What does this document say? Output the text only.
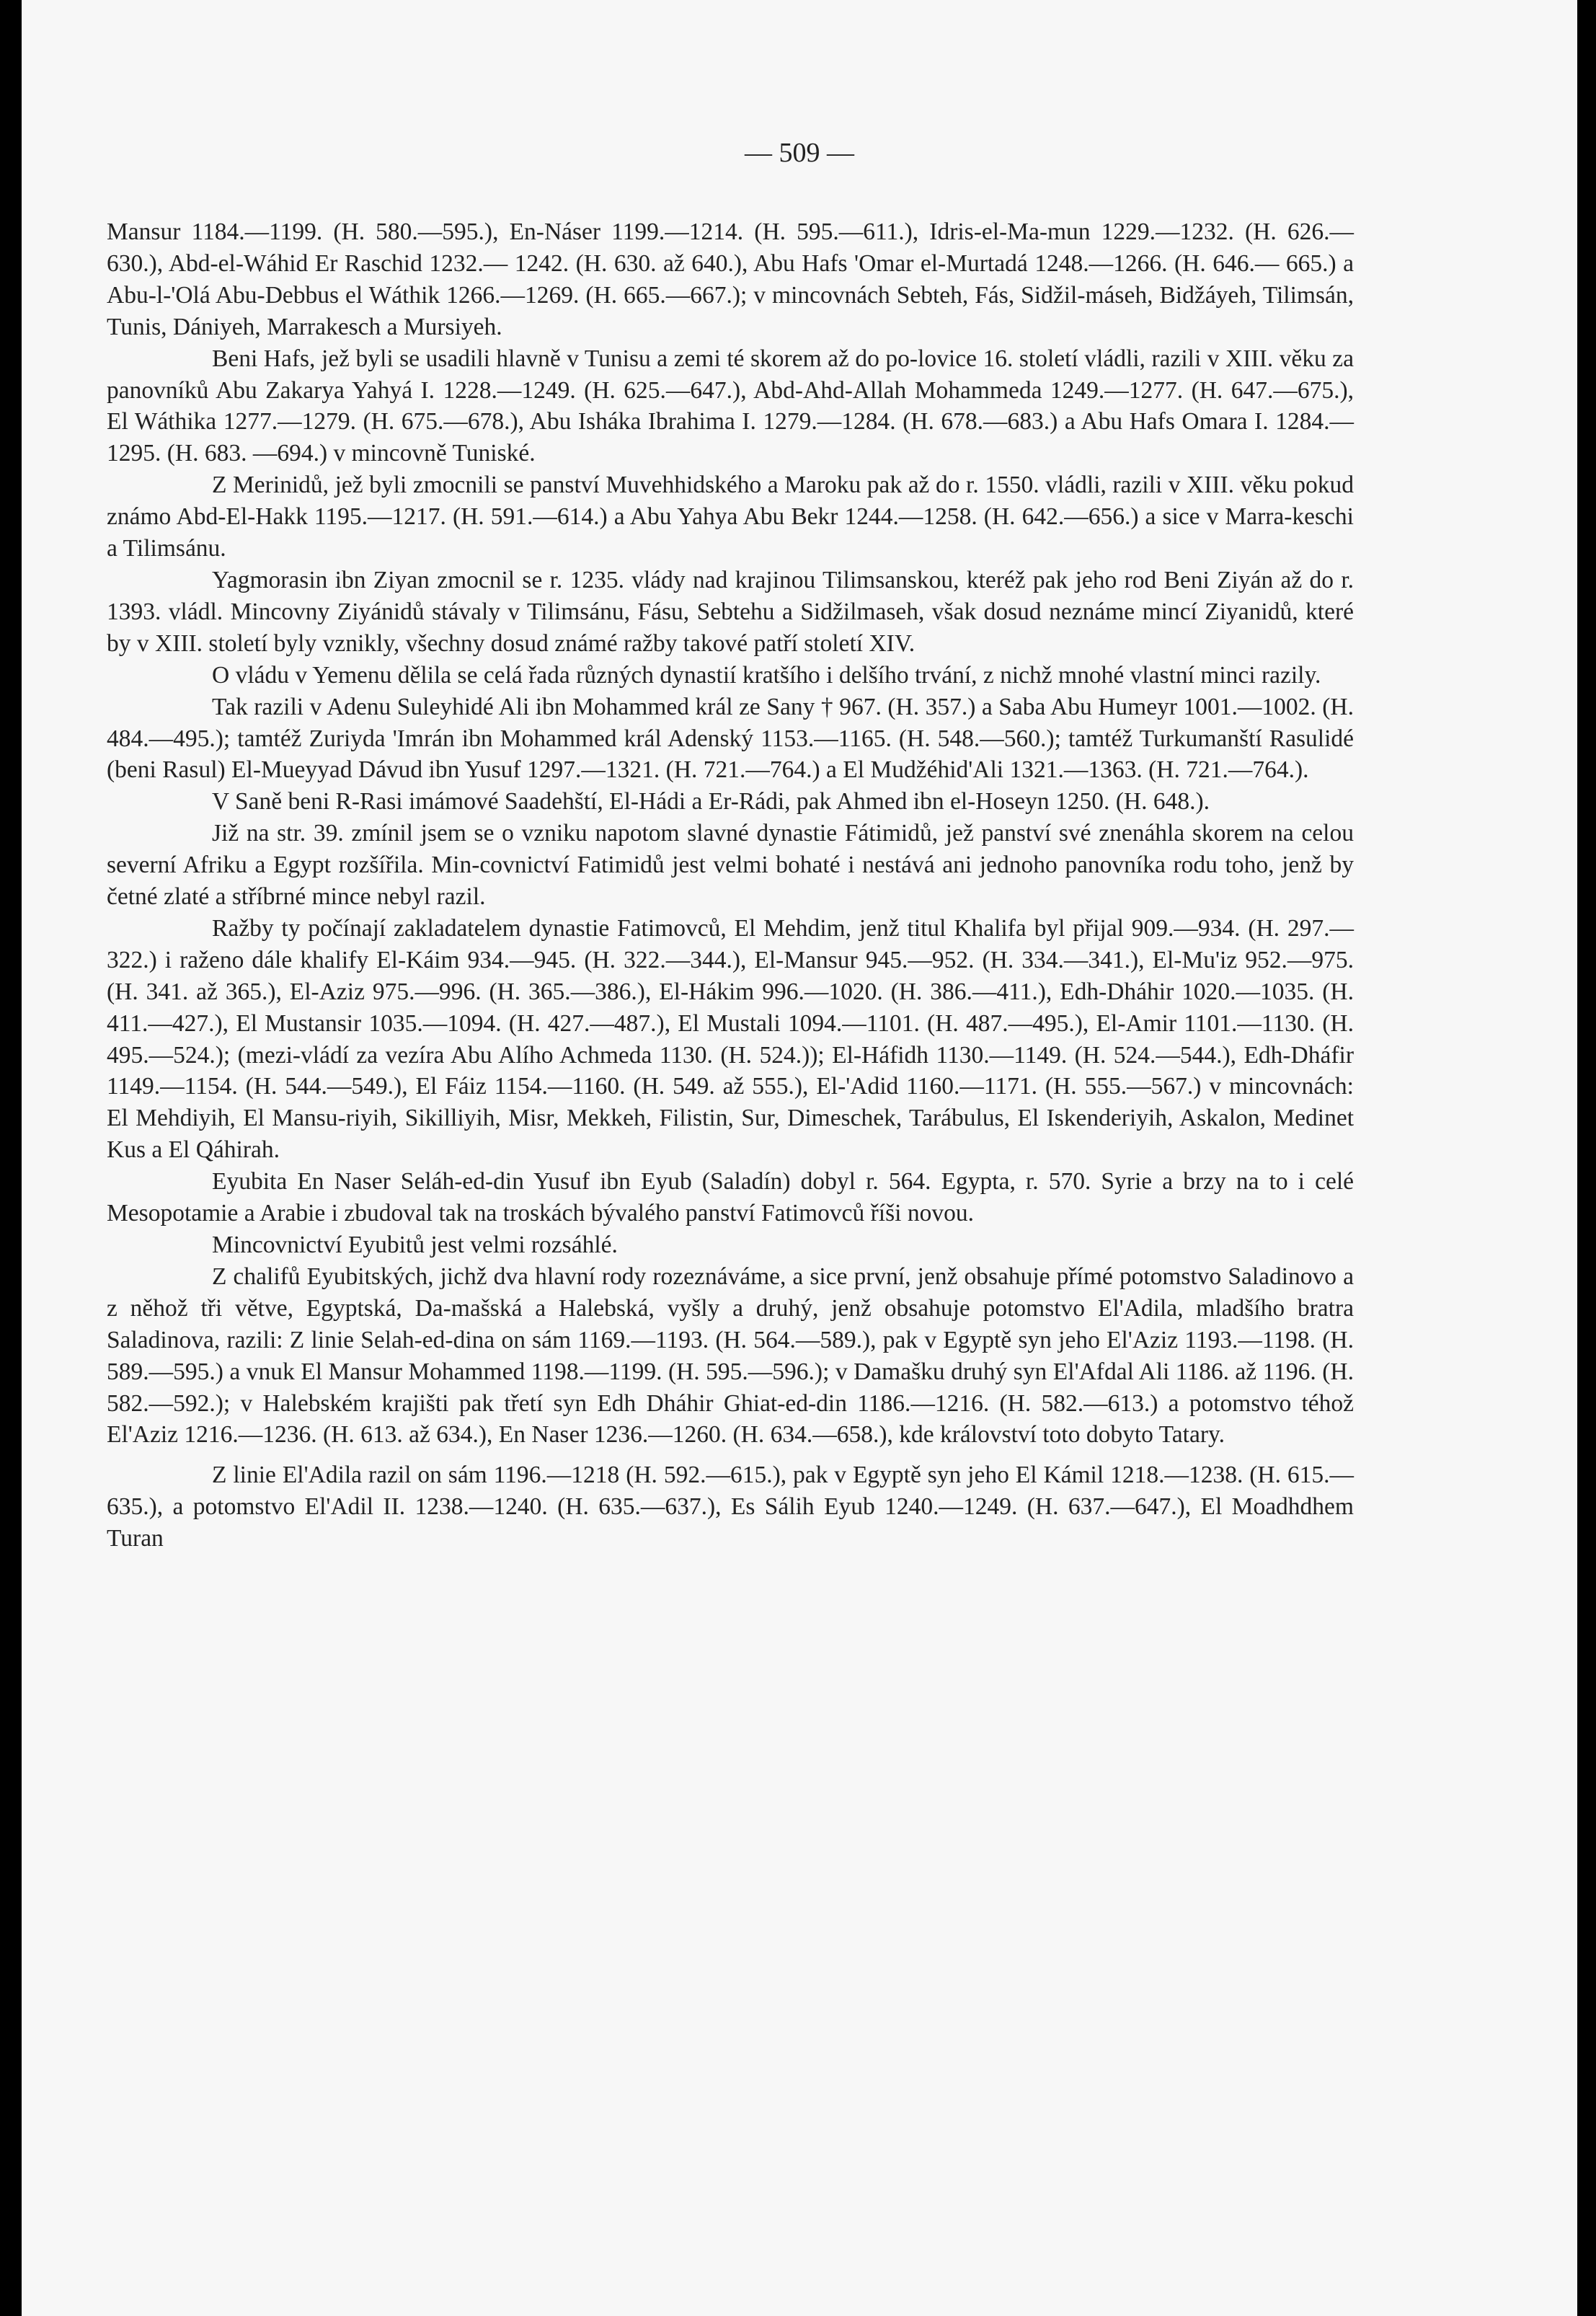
— 509 —

Mansur 1184.—1199. (H. 580.—595.), En-Náser 1199.—1214. (H. 595.—611.), Idris-el-Ma-mun 1229.—1232. (H. 626.—630.), Abd-el-Wáhid Er Raschid 1232.— 1242. (H. 630. až 640.), Abu Hafs 'Omar el-Murtadá 1248.—1266. (H. 646.— 665.) a Abu-l-'Olá Abu-Debbus el Wáthik 1266.—1269. (H. 665.—667.); v mincovnách Sebteh, Fás, Sidžil-máseh, Bidžáyeh, Tilimsán, Tunis, Dániyeh, Marrakesch a Mursiyeh.

Beni Hafs, jež byli se usadili hlavně v Tunisu a zemi té skorem až do po-lovice 16. století vládli, razili v XIII. věku za panovníků Abu Zakarya Yahyá I. 1228.—1249. (H. 625.—647.), Abd-Ahd-Allah Mohammeda 1249.—1277. (H. 647.—675.), El Wáthika 1277.—1279. (H. 675.—678.), Abu Isháka Ibrahima I. 1279.—1284. (H. 678.—683.) a Abu Hafs Omara I. 1284.—1295. (H. 683. —694.) v mincovně Tuniské.

Z Merinidů, jež byli zmocnili se panství Muvehhidského a Maroku pak až do r. 1550. vládli, razili v XIII. věku pokud známo Abd-El-Hakk 1195.—1217. (H. 591.—614.) a Abu Yahya Abu Bekr 1244.—1258. (H. 642.—656.) a sice v Marra-keschi a Tilimsánu.

Yagmorasin ibn Ziyan zmocnil se r. 1235. vlády nad krajinou Tilimsanskou, kteréž pak jeho rod Beni Ziyán až do r. 1393. vládl. Mincovny Ziyánidů stávaly v Tilimsánu, Fásu, Sebtehu a Sidžilmaseh, však dosud neznáme mincí Ziyanidů, které by v XIII. století byly vznikly, všechny dosud známé ražby takové patří století XIV.

O vládu v Yemenu dělila se celá řada různých dynastií kratšího i delšího trvání, z nichž mnohé vlastní minci razily.

Tak razili v Adenu Suleyhidé Ali ibn Mohammed král ze Sany † 967. (H. 357.) a Saba Abu Humeyr 1001.—1002. (H. 484.—495.); tamtéž Zuriyda 'Imrán ibn Mohammed král Adenský 1153.—1165. (H. 548.—560.); tamtéž Turkumanští Rasulidé (beni Rasul) El-Mueyyad Dávud ibn Yusuf 1297.—1321. (H. 721.—764.) a El Mudžéhid'Ali 1321.—1363. (H. 721.—764.).

V Saně beni R-Rasi imámové Saadehští, El-Hádi a Er-Rádi, pak Ahmed ibn el-Hoseyn 1250. (H. 648.).

Již na str. 39. zmínil jsem se o vzniku napotom slavné dynastie Fátimidů, jež panství své znenáhla skorem na celou severní Afriku a Egypt rozšířila. Min-covnictví Fatimidů jest velmi bohaté i nestává ani jednoho panovníka rodu toho, jenž by četné zlaté a stříbrné mince nebyl razil.

Ražby ty počínají zakladatelem dynastie Fatimovců, El Mehdim, jenž titul Khalifa byl přijal 909.—934. (H. 297.—322.) i raženo dále khalify El-Káim 934.—945. (H. 322.—344.), El-Mansur 945.—952. (H. 334.—341.), El-Mu'iz 952.—975. (H. 341. až 365.), El-Aziz 975.—996. (H. 365.—386.), El-Hákim 996.—1020. (H. 386.—411.), Edh-Dháhir 1020.—1035. (H. 411.—427.), El Mustansir 1035.—1094. (H. 427.—487.), El Mustali 1094.—1101. (H. 487.—495.), El-Amir 1101.—1130. (H. 495.—524.); (mezi-vládí za vezíra Abu Alího Achmeda 1130. (H. 524.)); El-Háfidh 1130.—1149. (H. 524.—544.), Edh-Dháfir 1149.—1154. (H. 544.—549.), El Fáiz 1154.—1160. (H. 549. až 555.), El-'Adid 1160.—1171. (H. 555.—567.) v mincovnách: El Mehdiyih, El Mansu-riyih, Sikilliyih, Misr, Mekkeh, Filistin, Sur, Dimeschek, Tarábulus, El Iskenderiyih, Askalon, Medinet Kus a El Qáhirah.

Eyubita En Naser Seláh-ed-din Yusuf ibn Eyub (Saladín) dobyl r. 564. Egypta, r. 570. Syrie a brzy na to i celé Mesopotamie a Arabie i zbudoval tak na troskách bývalého panství Fatimovců říši novou.

Mincovnictví Eyubitů jest velmi rozsáhlé.

Z chalifů Eyubitských, jichž dva hlavní rody rozeznáváme, a sice první, jenž obsahuje přímé potomstvo Saladinovo a z něhož tři větve, Egyptská, Da-mašská a Halebská, vyšly a druhý, jenž obsahuje potomstvo El'Adila, mladšího bratra Saladinova, razili: Z linie Selah-ed-dina on sám 1169.—1193. (H. 564.—589.), pak v Egyptě syn jeho El'Aziz 1193.—1198. (H. 589.—595.) a vnuk El Mansur Mohammed 1198.—1199. (H. 595.—596.); v Damašku druhý syn El'Afdal Ali 1186. až 1196. (H. 582.—592.); v Halebském krajišti pak třetí syn Edh Dháhir Ghiat-ed-din 1186.—1216. (H. 582.—613.) a potomstvo téhož El'Aziz 1216.—1236. (H. 613. až 634.), En Naser 1236.—1260. (H. 634.—658.), kde království toto dobyto Tatary.

Z linie El'Adila razil on sám 1196.—1218 (H. 592.—615.), pak v Egyptě syn jeho El Kámil 1218.—1238. (H. 615.—635.), a potomstvo El'Adil II. 1238.—1240. (H. 635.—637.), Es Sálih Eyub 1240.—1249. (H. 637.—647.), El Moadhdhem Turan
